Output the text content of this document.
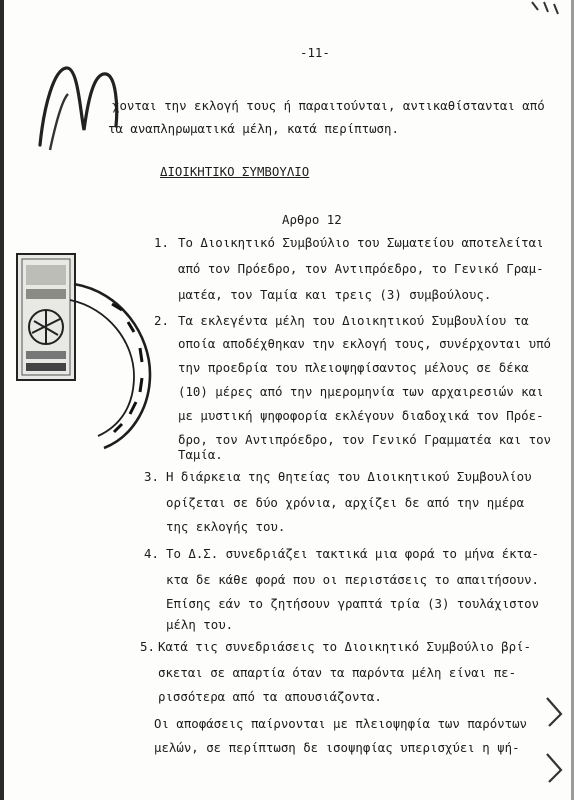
-11-
χονται την εκλογή τους ή παραιτούνται, αντικαθίστανται από
τα αναπληρωματικά μέλη, κατά περίπτωση.
ΔΙΟΙΚΗΤΙΚΟ ΣΥΜΒΟΥΛΙΟ
Αρθρο 12
1. Το Διοικητικό Συμβούλιο του Σωματείου αποτελείται
από τον Πρόεδρο, τον Αντιπρόεδρο, το Γενικό Γραμ-
ματέα, τον Ταμία και τρεις (3) συμβούλους.
2. Τα εκλεγέντα μέλη του Διοικητικού Συμβουλίου τα
οποία αποδέχθηκαν την εκλογή τους, συνέρχονται υπό
την προεδρία του πλειοψηφίσαντος μέλους σε δέκα
(10) μέρες από την ημερομηνία των αρχαιρεσιών και
με μυστική ψηφοφορία εκλέγουν διαδοχικά τον Πρόε-
δρο, τον Αντιπρόεδρο, τον Γενικό Γραμματέα και τον
Ταμία.
3. Η διάρκεια της θητείας του Διοικητικού Συμβουλίου
ορίζεται σε δύο χρόνια, αρχίζει δε από την ημέρα
της εκλογής του.
4. Το Δ.Σ. συνεδριάζει τακτικά μια φορά το μήνα έκτα-
κτα δε κάθε φορά που οι περιστάσεις το απαιτήσουν.
Επίσης εάν το ζητήσουν γραπτά τρία (3) τουλάχιστον
μέλη του.
5. Κατά τις συνεδριάσεις το Διοικητικό Συμβούλιο βρί-
σκεται σε απαρτία όταν τα παρόντα μέλη είναι πε-
ρισσότερα από τα απουσιάζοντα.
Οι αποφάσεις παίρνονται με πλειοψηφία των παρόντων
μελών, σε περίπτωση δε ισοψηφίας υπερισχύει η ψή-
